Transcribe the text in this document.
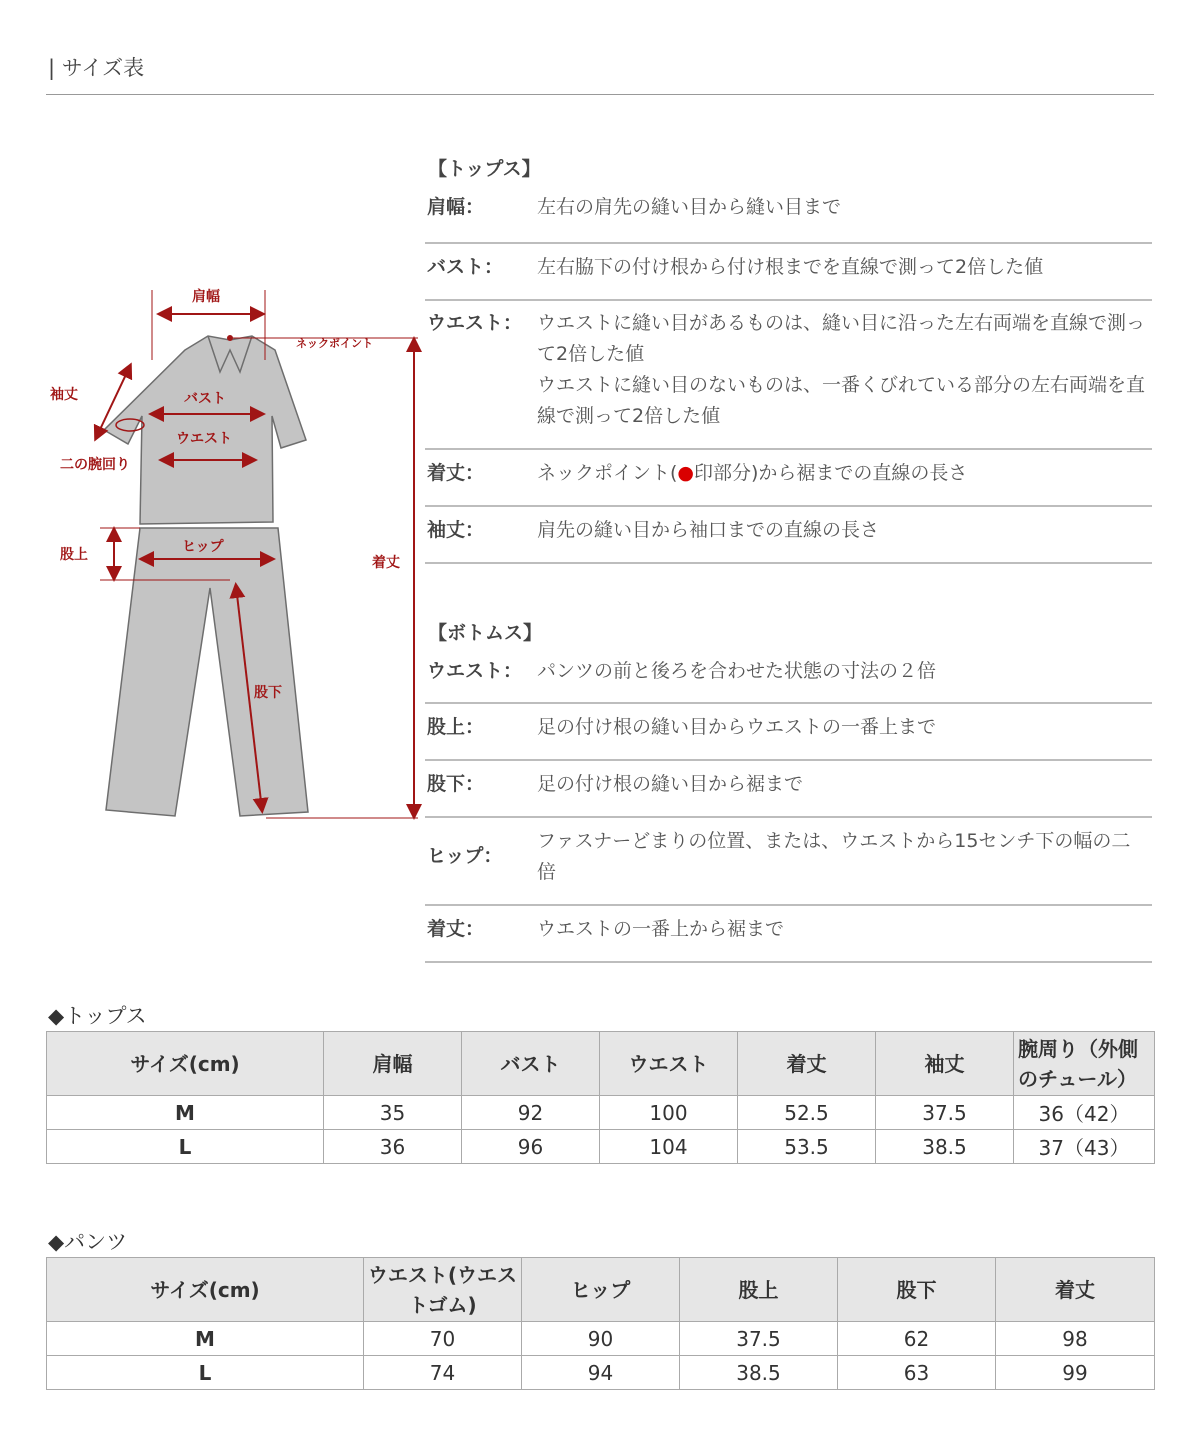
| サイズ表
肩幅
ネックポイント
袖丈	バスト
ウエスト
二の腕回り
着丈
股上	ヒップ
股下
【トップス】
肩幅：	左右の肩先の縫い目から縫い目まで
バスト：	左右脇下の付け根から付け根までを直線で測って2倍した値
ウエスト： ウエストに縫い目があるものは、縫い目に沿った左右両端を直線で測って2倍した値
ウエストに縫い目のないものは、一番くびれている部分の左右両端を直線で測って2倍した値
着丈：	ネックポイント(●印部分)から裾までの直線の長さ
袖丈：	肩先の縫い目から袖口までの直線の長さ
【ボトムス】
ウエスト： パンツの前と後ろを合わせた状態の寸法の２倍
股上：	足の付け根の縫い目からウエストの一番上まで
股下：	足の付け根の縫い目から裾まで
ヒップ：
ファスナーどまりの位置、または、ウエストから15センチ下の幅の二倍
着丈：	ウエストの一番上から裾まで
◆トップス
サイズ(cm)	肩幅	バスト	ウエスト	着丈	袖丈	腕周り（外側のチュール）
M	35	92	100	52.5	37.5	36（42）
L	36	96	104	53.5	38.5	37（43）
◆パンツ
サイズ(cm)	ウエスト(ウエストゴム)	ヒップ	股上	股下	着丈
M	70	90	37.5	62	98
L	74	94	38.5	63	99
